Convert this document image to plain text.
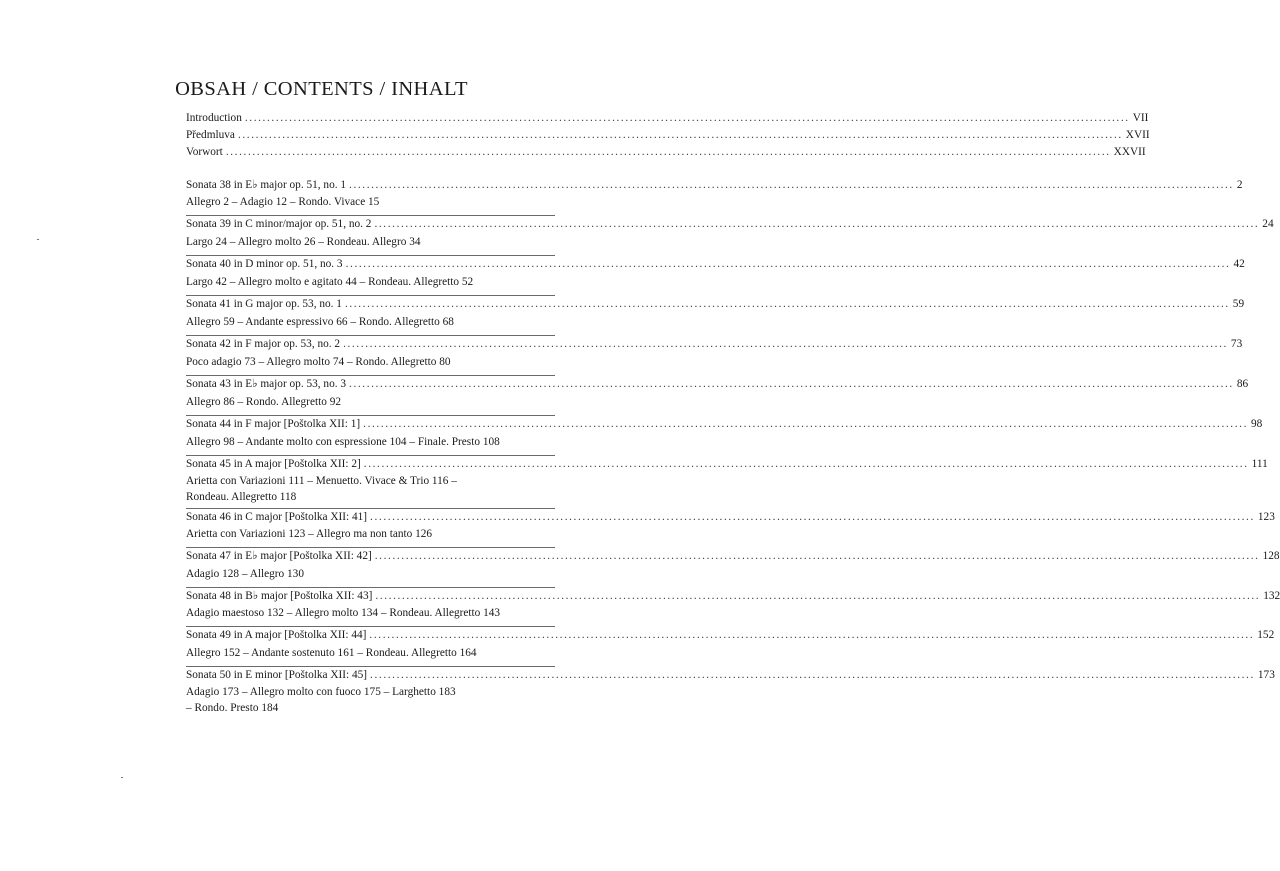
OBSAH / CONTENTS / INHALT
Introduction ........................................................................................................................................................................................................ VII
Předmluva ........................................................................................................................................................................................................ XVII
Vorwort ........................................................................................................................................................................................................ XXVII
Sonata 38 in E♭ major op. 51, no. 1 ........................................................................................................................................................................................................ 2
Allegro 2 – Adagio 12 – Rondo. Vivace 15
Sonata 39 in C minor/major op. 51, no. 2 ........................................................................................................................................................................................................ 24
Largo 24 – Allegro molto 26 – Rondeau. Allegro 34
Sonata 40 in D minor op. 51, no. 3 ........................................................................................................................................................................................................ 42
Largo 42 – Allegro molto e agitato 44 – Rondeau. Allegretto 52
Sonata 41 in G major op. 53, no. 1 ........................................................................................................................................................................................................ 59
Allegro 59 – Andante espressivo 66 – Rondo. Allegretto 68
Sonata 42 in F major op. 53, no. 2 ........................................................................................................................................................................................................ 73
Poco adagio 73 – Allegro molto 74 – Rondo. Allegretto 80
Sonata 43 in E♭ major op. 53, no. 3 ........................................................................................................................................................................................................ 86
Allegro 86 – Rondo. Allegretto 92
Sonata 44 in F major [Poštolka XII: 1] ........................................................................................................................................................................................................ 98
Allegro 98 – Andante molto con espressione 104 – Finale. Presto 108
Sonata 45 in A major [Poštolka XII: 2] ........................................................................................................................................................................................................ 111
Arietta con Variazioni 111 – Menuetto. Vivace & Trio 116 – Rondeau. Allegretto 118
Sonata 46 in C major [Poštolka XII: 41] ........................................................................................................................................................................................................ 123
Arietta con Variazioni 123 – Allegro ma non tanto 126
Sonata 47 in E♭ major [Poštolka XII: 42] ........................................................................................................................................................................................................ 128
Adagio 128 – Allegro 130
Sonata 48 in B♭ major [Poštolka XII: 43] ........................................................................................................................................................................................................ 132
Adagio maestoso 132 – Allegro molto 134 – Rondeau. Allegretto 143
Sonata 49 in A major [Poštolka XII: 44] ........................................................................................................................................................................................................ 152
Allegro 152 – Andante sostenuto 161 – Rondeau. Allegretto 164
Sonata 50 in E minor [Poštolka XII: 45] ........................................................................................................................................................................................................ 173
Adagio 173 – Allegro molto con fuoco 175 – Larghetto 183 – Rondo. Presto 184
